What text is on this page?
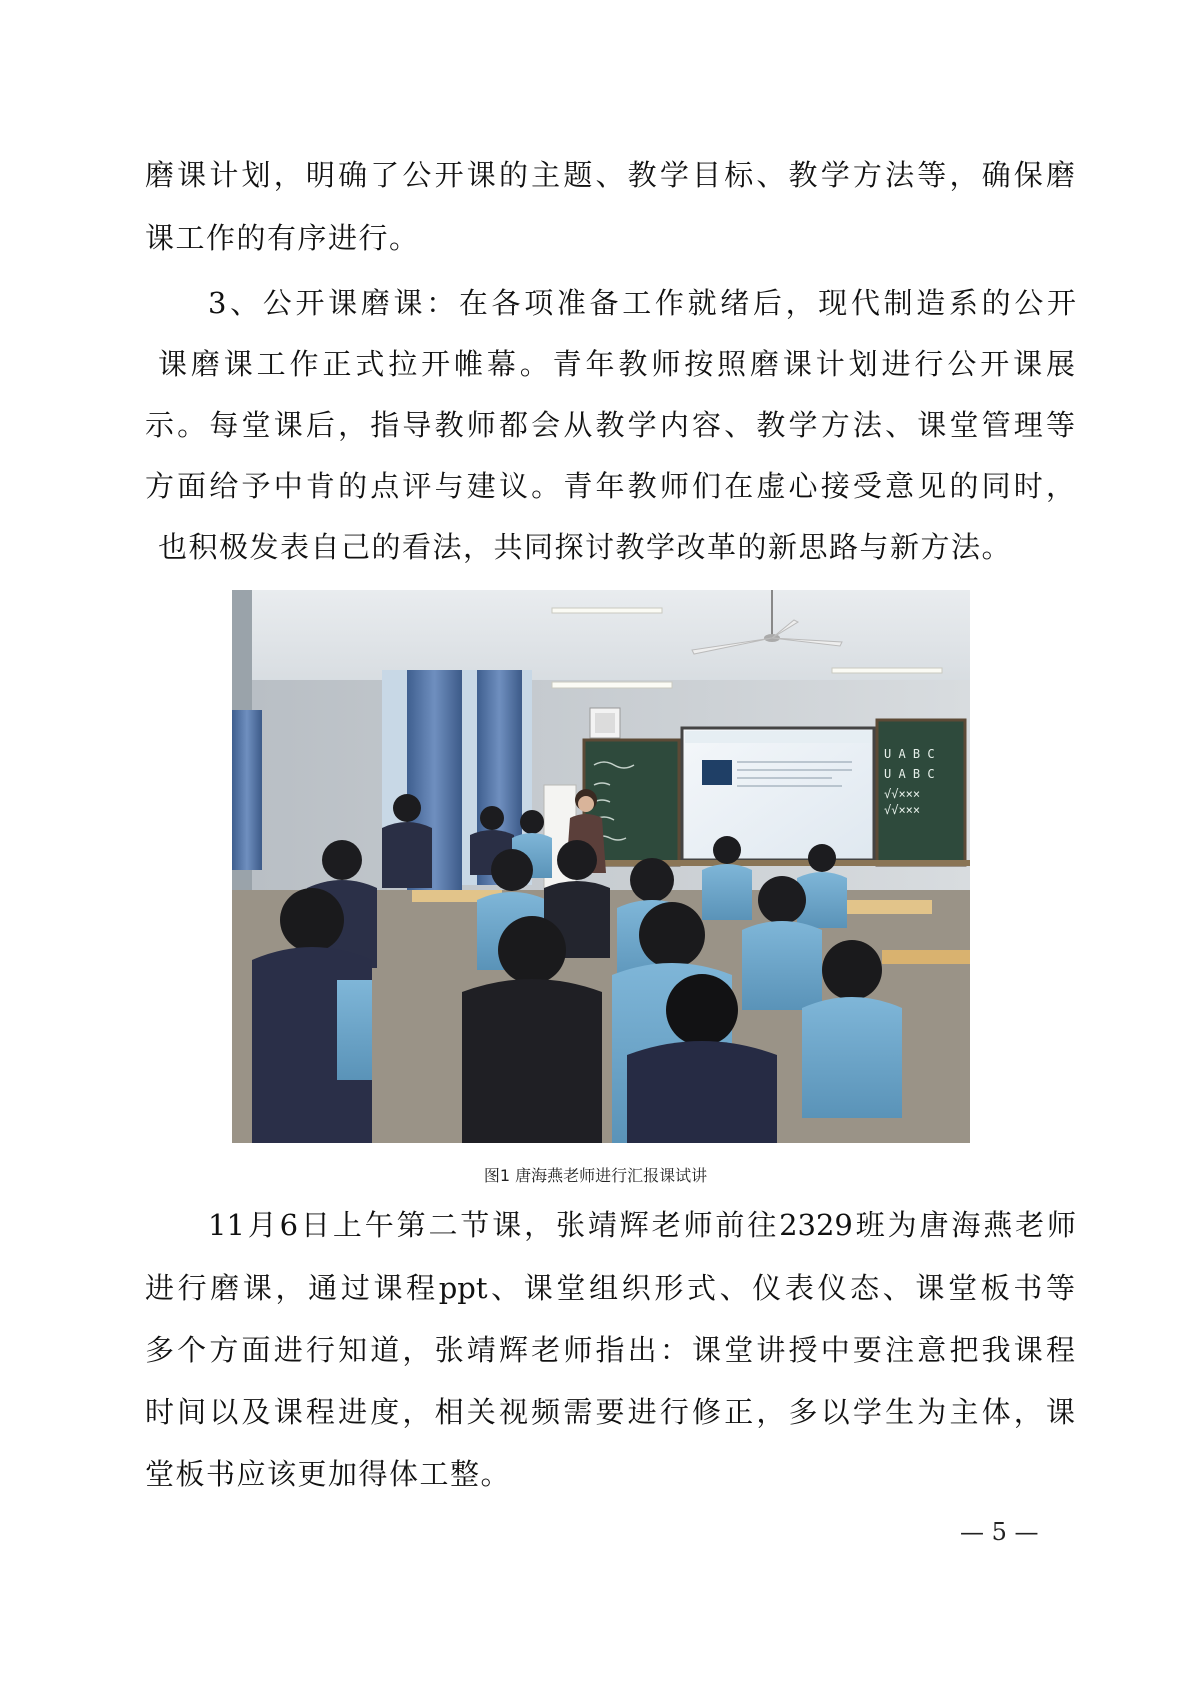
磨课计划，明确了公开课的主题、教学目标、教学方法等，确保磨

课工作的有序进行。

3、公开课磨课：在各项准备工作就绪后，现代制造系的公开

课磨课工作正式拉开帷幕。青年教师按照磨课计划进行公开课展

示。每堂课后，指导教师都会从教学内容、教学方法、课堂管理等

方面给予中肯的点评与建议。青年教师们在虚心接受意见的同时，

也积极发表自己的看法，共同探讨教学改革的新思路与新方法。

U A B C
U A B C
√√×××
√√×××
图1 唐海燕老师进行汇报课试讲

11月6日上午第二节课，张靖辉老师前往2329班为唐海燕老师

进行磨课，通过课程ppt、课堂组织形式、仪表仪态、课堂板书等

多个方面进行知道，张靖辉老师指出：课堂讲授中要注意把我课程

时间以及课程进度，相关视频需要进行修正，多以学生为主体，课

堂板书应该更加得体工整。

— 5 —
